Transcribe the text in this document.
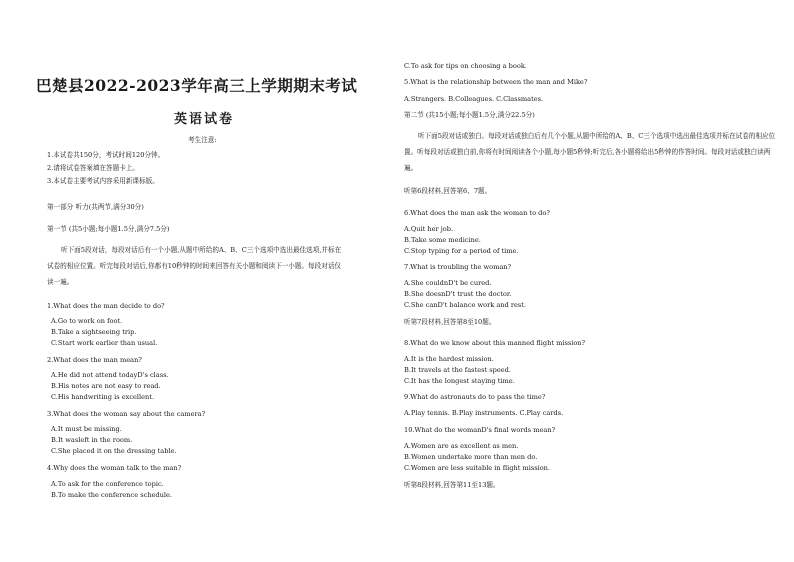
巴楚县2022-2023学年高三上学期期末考试
英语试卷
考生注意:
1.本试卷共150分，考试时间120分钟。
2.请将试卷答案填在答题卡上。
3.本试卷主要考试内容采用新课标版。
第一部分 听力(共两节,满分30分)
第一节 (共5小题;每小题1.5分,满分7.5分)
听下面5段对话，每段对话后有一个小题,从题中所给的A、B、C三个选项中选出最佳选项,并标在试卷的相应位置。听完每段对话后,你都有10秒钟的时间来回答有关小题和阅读下一小题。每段对话仅读一遍。
1.What does the man decide to do?
A.Go to work on foot.
B.Take a sightseeing trip.
C.Start work earlier than usual.
2.What does the man mean?
A.He did not attend todayD's class.
B.His notes are not easy to read.
C.His handwriting is excellent.
3.What does the woman say about the camera?
A.It must be missing.
B.It wasleft in the room.
C.She placed it on the dressing table.
4.Why does the woman talk to the man?
A.To ask for the conference topic.
B.To make the conference schedule.
C.To ask for tips on choosing a book.
5.What is the relationship between the man and Mike?
A.Strangers. B.Colleagues. C.Classmates.
第二节 (共15小题;每小题1.5分,满分22.5分)
听下面5段对话或独白。每段对话或独白后有几个小题,从题中所给的A、B、C三个选项中选出最佳选项并标在试卷的相应位置。听每段对话或独白前,你将有时间阅读各个小题,每小题5秒钟;听完后,各小题将给出5秒钟的作答时间。每段对话或独白读两遍。
听第6段材料,回答第6、7题。
6.What does the man ask the woman to do?
A.Quit her job.
B.Take some medicine.
C.Stop typing for a period of time.
7.What is troubling the woman?
A.She couldnD't be cured.
B.She doesnD't trust the doctor.
C.She canD't balance work and rest.
听第7段材料,回答第8至10题。
8.What do we know about this manned flight mission?
A.It is the hardest mission.
B.It travels at the fastest speed.
C.It has the longest staying time.
9.What do astronauts do to pass the time?
A.Play tennis. B.Play instruments. C.Play cards.
10.What do the womanD's final words mean?
A.Women are as excellent as men.
B.Women undertake more than men do.
C.Women are less suitable in flight mission.
听第8段材料,回答第11至13题。
